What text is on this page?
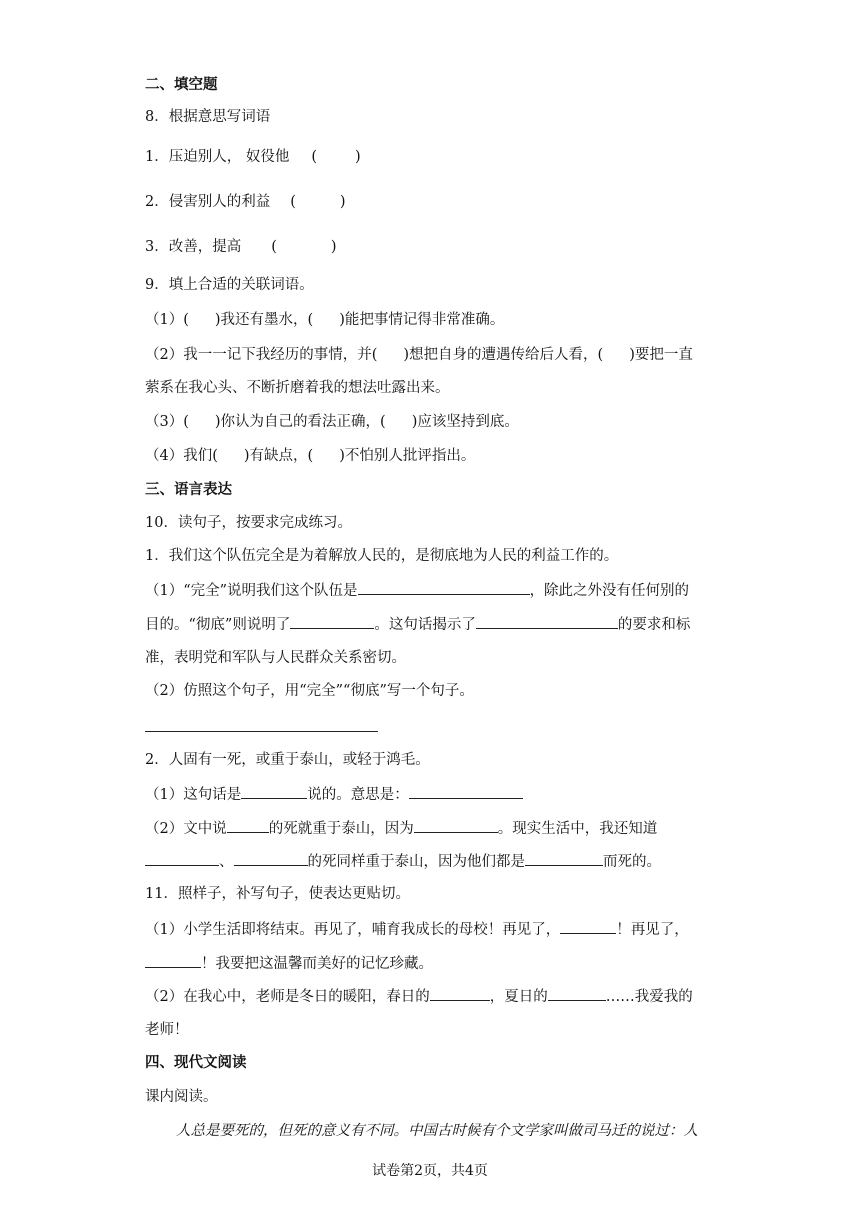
二、填空题
8．根据意思写词语
1．压迫别人， 奴役他 (	)
2．侵害别人的利益 (	)
3．改善，提高 (	)
9．填上合适的关联词语。
（1）( )我还有墨水，( )能把事情记得非常准确。
（2）我一一记下我经历的事情，并( )想把自身的遭遇传给后人看，( )要把一直
萦系在我心头、不断折磨着我的想法吐露出来。
（3）( )你认为自己的看法正确，( )应该坚持到底。
（4）我们( )有缺点，( )不怕别人批评指出。
三、语言表达
10．读句子，按要求完成练习。
1．我们这个队伍完全是为着解放人民的，是彻底地为人民的利益工作的。
（1）“完全”说明我们这个队伍是	，除此之外没有任何别的
目的。“彻底”则说明了	。这句话揭示了	的要求和标
准，表明党和军队与人民群众关系密切。
（2）仿照这个句子，用“完全”“彻底”写一个句子。
2．人固有一死，或重于泰山，或轻于鸿毛。
（1）这句话是	说的。意思是：
（2）文中说	的死就重于泰山，因为	。现实生活中，我还知道
、	的死同样重于泰山，因为他们都是	而死的。
11．照样子，补写句子，使表达更贴切。
（1）小学生活即将结束。再见了，哺育我成长的母校！再见了，	！再见了，
！我要把这温馨而美好的记忆珍藏。
（2）在我心中，老师是冬日的暖阳，春日的	，夏日的	……我爱我的
老师！
四、现代文阅读
课内阅读。
人总是要死的，但死的意义有不同。中国古时候有个文学家叫做司马迁的说过：人
试卷第2页，共4页
